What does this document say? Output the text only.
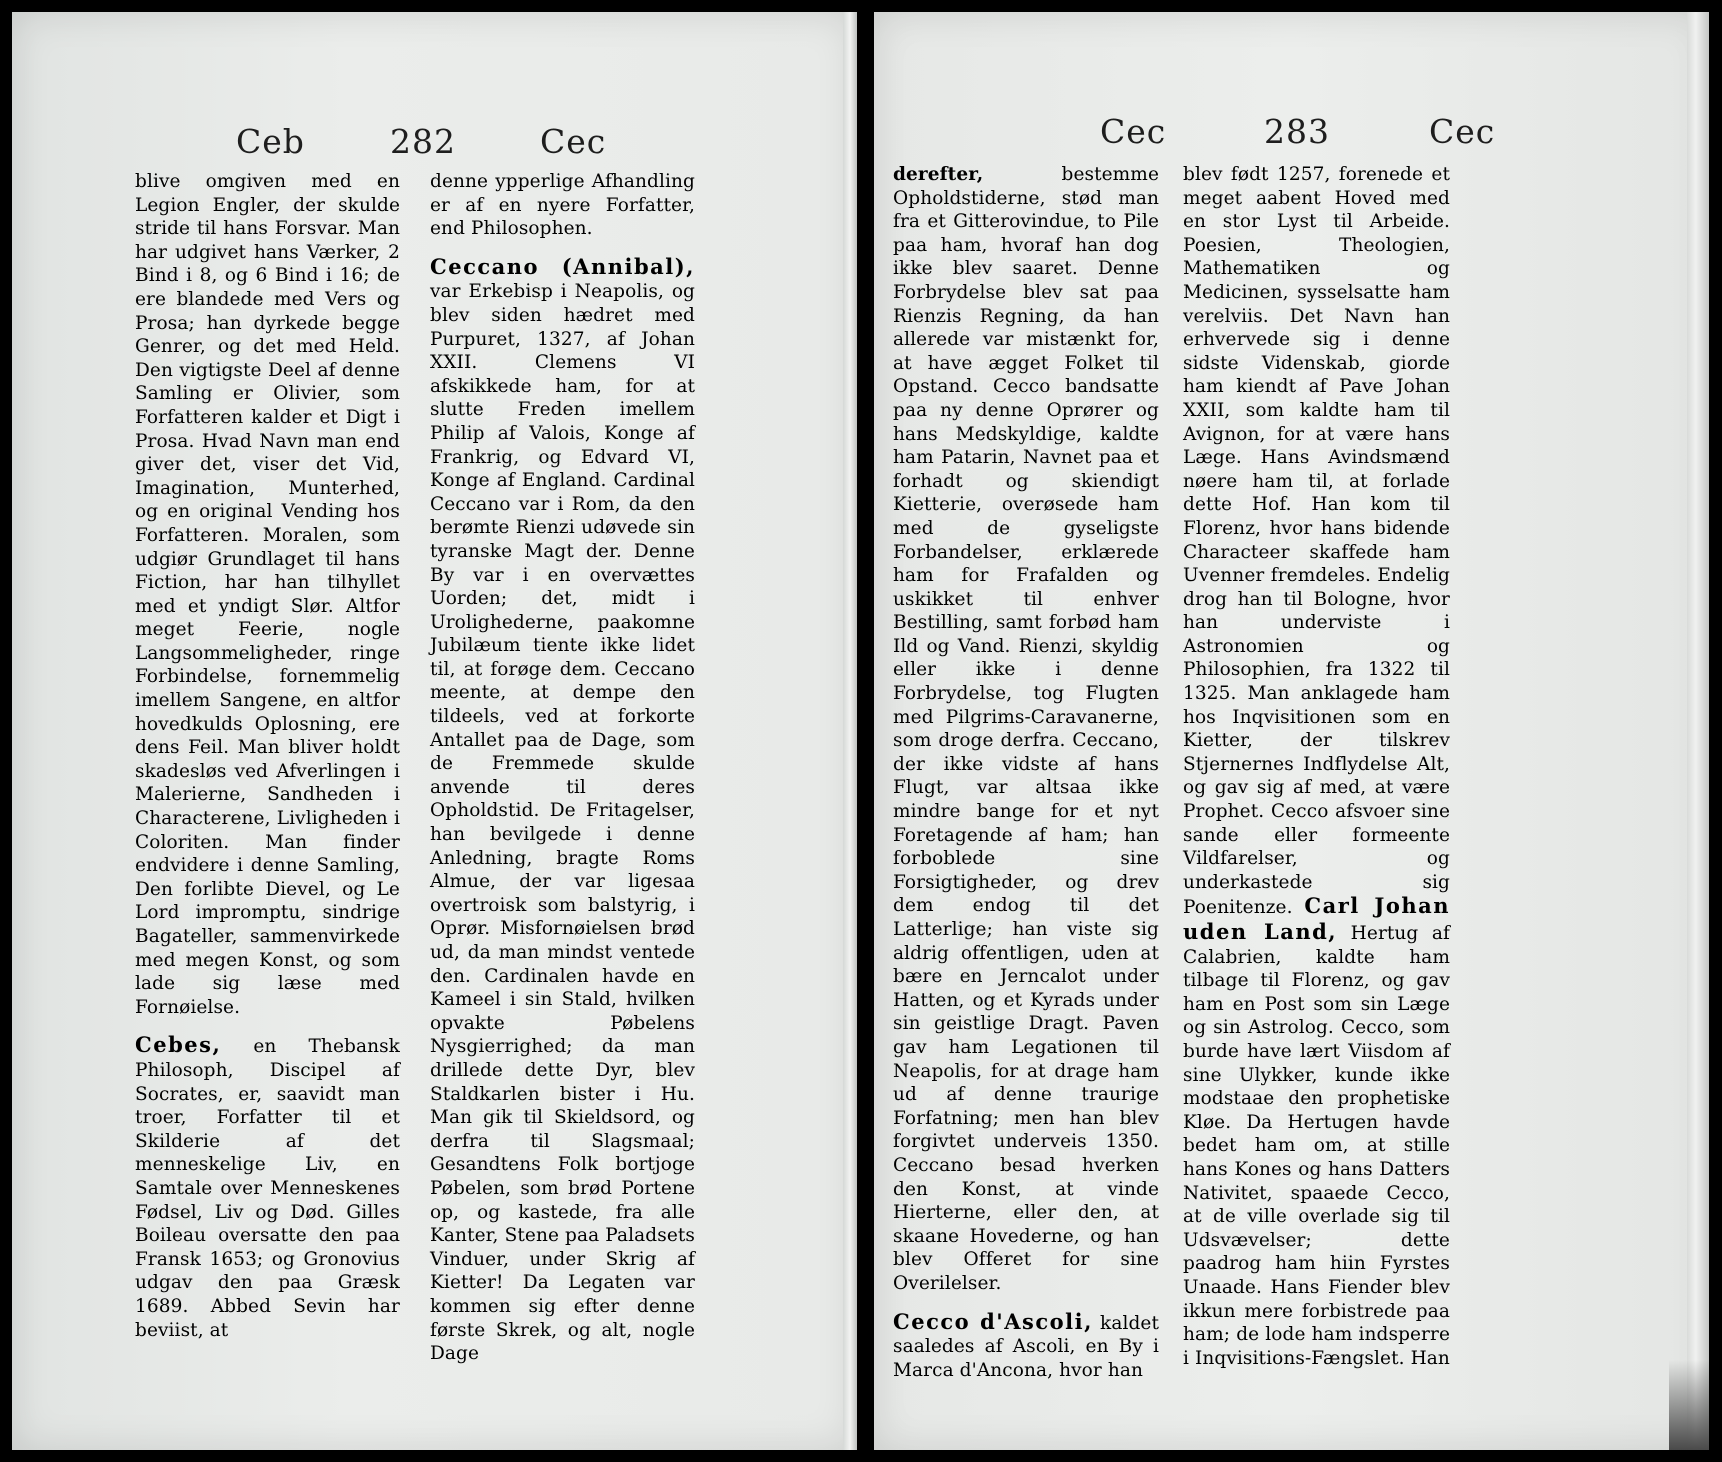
Ceb	282	Cec

blive omgiven med en Legion Engler, der skulde stride til hans Forsvar. Man har udgivet hans Værker, 2 Bind i 8, og 6 Bind i 16; de ere blandede med Vers og Prosa; han dyrkede begge Genrer, og det med Held. Den vigtigste Deel af denne Samling er Olivier, som Forfatteren kalder et Digt i Prosa. Hvad Navn man end giver det, viser det Vid, Imagination, Munterhed, og en original Vending hos Forfatteren. Moralen, som udgiør Grundlaget til hans Fiction, har han tilhyllet med et yndigt Slør. Altfor meget Feerie, nogle Langsommeligheder, ringe Forbindelse, fornemmelig imellem Sangene, en altfor hovedkulds Oplosning, ere dens Feil. Man bliver holdt skadesløs ved Afverlingen i Malerierne, Sandheden i Characterene, Livligheden i Coloriten. Man finder endvidere i denne Samling, Den forlibte Dievel, og Le Lord impromptu, sindrige Bagateller, sammenvirkede med megen Konst, og som lade sig læse med Fornøielse.

Cebes, en Thebansk Philosoph, Discipel af Socrates, er, saavidt man troer, Forfatter til et Skilderie af det menneskelige Liv, en Samtale over Menneskenes Fødsel, Liv og Død. Gilles Boileau oversatte den paa Fransk 1653; og Gronovius udgav den paa Græsk 1689. Abbed Sevin har beviist, at

denne ypperlige Afhandling er af en nyere Forfatter, end Philosophen.

Ceccano (Annibal), var Erkebisp i Neapolis, og blev siden hædret med Purpuret, 1327, af Johan XXII. Clemens VI afskikkede ham, for at slutte Freden imellem Philip af Valois, Konge af Frankrig, og Edvard VI, Konge af England. Cardinal Ceccano var i Rom, da den berømte Rienzi udøvede sin tyranske Magt der. Denne By var i en overvættes Uorden; det, midt i Urolighederne, paakomne Jubilæum tiente ikke lidet til, at forøge dem. Ceccano meente, at dempe den tildeels, ved at forkorte Antallet paa de Dage, som de Fremmede skulde anvende til deres Opholdstid. De Fritagelser, han bevilgede i denne Anledning, bragte Roms Almue, der var ligesaa overtroisk som balstyrig, i Oprør. Misfornøielsen brød ud, da man mindst ventede den. Cardinalen havde en Kameel i sin Stald, hvilken opvakte Pøbelens Nysgierrighed; da man drillede dette Dyr, blev Staldkarlen bister i Hu. Man gik til Skieldsord, og derfra til Slagsmaal; Gesandtens Folk bortjoge Pøbelen, som brød Portene op, og kastede, fra alle Kanter, Stene paa Paladsets Vinduer, under Skrig af Kietter! Da Legaten var kommen sig efter denne første Skrek, og alt, nogle Dage

Cec	283	Cec

derefter, bestemme Opholdstiderne, stød man fra et Gitterovindue, to Pile paa ham, hvoraf han dog ikke blev saaret. Denne Forbrydelse blev sat paa Rienzis Regning, da han allerede var mistænkt for, at have ægget Folket til Opstand. Cecco bandsatte paa ny denne Oprører og hans Medskyldige, kaldte ham Patarin, Navnet paa et forhadt og skiendigt Kietterie, overøsede ham med de gyseligste Forbandelser, erklærede ham for Frafalden og uskikket til enhver Bestilling, samt forbød ham Ild og Vand. Rienzi, skyldig eller ikke i denne Forbrydelse, tog Flugten med Pilgrims-Caravanerne, som droge derfra. Ceccano, der ikke vidste af hans Flugt, var altsaa ikke mindre bange for et nyt Foretagende af ham; han forboblede sine Forsigtigheder, og drev dem endog til det Latterlige; han viste sig aldrig offentligen, uden at bære en Jerncalot under Hatten, og et Kyrads under sin geistlige Dragt. Paven gav ham Legationen til Neapolis, for at drage ham ud af denne traurige Forfatning; men han blev forgivtet underveis 1350. Ceccano besad hverken den Konst, at vinde Hierterne, eller den, at skaane Hovederne, og han blev Offeret for sine Overilelser.

Cecco d'Ascoli, kaldet saaledes af Ascoli, en By i Marca d'Ancona, hvor han

blev født 1257, forenede et meget aabent Hoved med en stor Lyst til Arbeide. Poesien, Theologien, Mathematiken og Medicinen, sysselsatte ham verelviis. Det Navn han erhvervede sig i denne sidste Videnskab, giorde ham kiendt af Pave Johan XXII, som kaldte ham til Avignon, for at være hans Læge. Hans Avindsmænd nøere ham til, at forlade dette Hof. Han kom til Florenz, hvor hans bidende Characteer skaffede ham Uvenner fremdeles. Endelig drog han til Bologne, hvor han underviste i Astronomien og Philosophien, fra 1322 til 1325. Man anklagede ham hos Inqvisitionen som en Kietter, der tilskrev Stjernernes Indflydelse Alt, og gav sig af med, at være Prophet. Cecco afsvoer sine sande eller formeente Vildfarelser, og underkastede sig Poenitenze. Carl Johan uden Land, Hertug af Calabrien, kaldte ham tilbage til Florenz, og gav ham en Post som sin Læge og sin Astrolog. Cecco, som burde have lært Viisdom af sine Ulykker, kunde ikke modstaae den prophetiske Kløe. Da Hertugen havde bedet ham om, at stille hans Kones og hans Datters Nativitet, spaaede Cecco, at de ville overlade sig til Udsvævelser; dette paadrog ham hiin Fyrstes Unaade. Hans Fiender blev ikkun mere forbistrede paa ham; de lode ham indsperre i Inqvisitions-Fængslet. Han
